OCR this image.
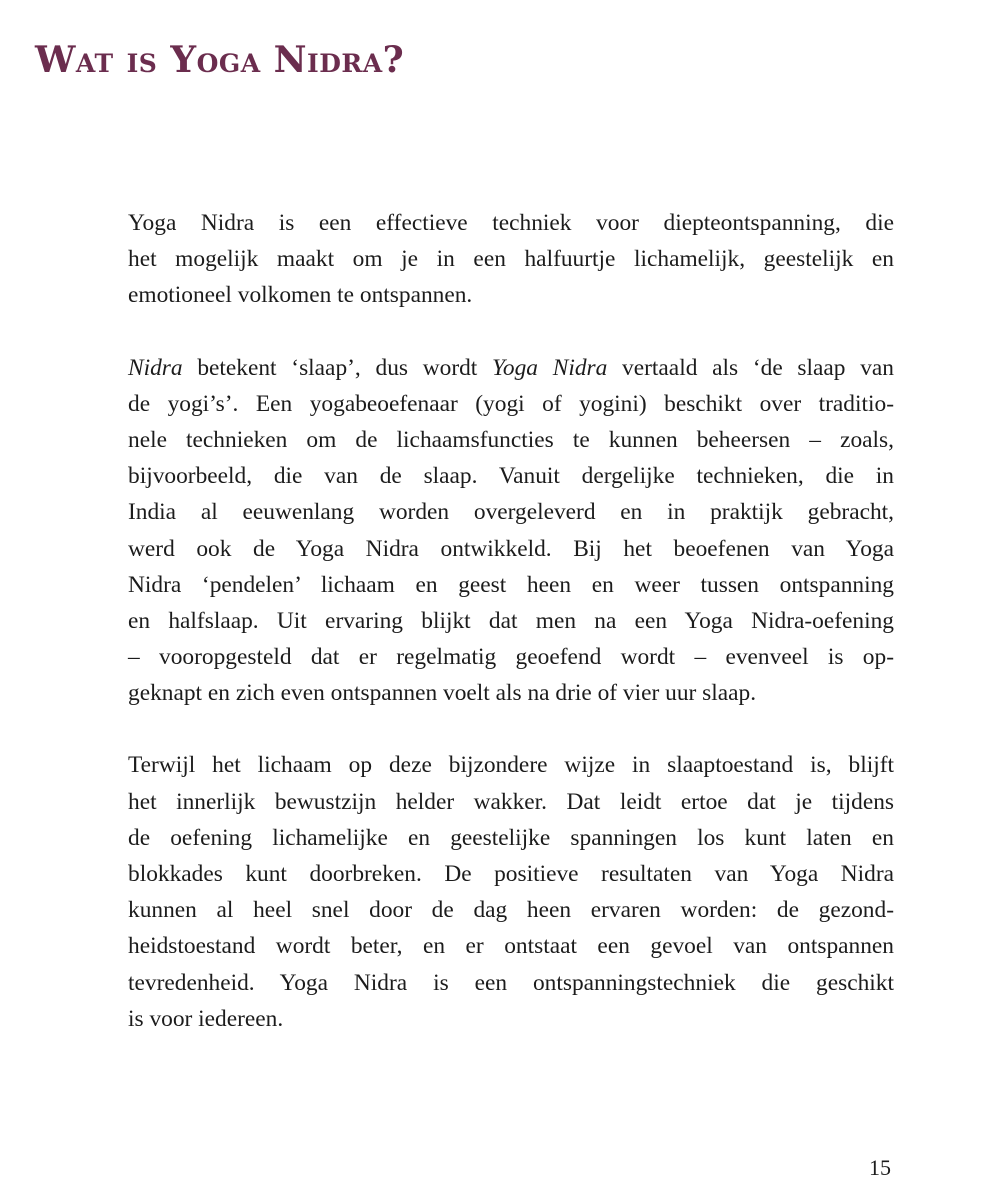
Wat is Yoga Nidra?

Yoga Nidra is een effectieve techniek voor diepteontspanning, die
het mogelijk maakt om je in een halfuurtje lichamelijk, geestelijk en
emotioneel volkomen te ontspannen.

Nidra betekent ‘slaap’, dus wordt Yoga Nidra vertaald als ‘de slaap van
de yogi’s’. Een yogabeoefenaar (yogi of yogini) beschikt over traditio-
nele technieken om de lichaamsfuncties te kunnen beheersen – zoals,
bijvoorbeeld, die van de slaap. Vanuit dergelijke technieken, die in
India al eeuwenlang worden overgeleverd en in praktijk gebracht,
werd ook de Yoga Nidra ontwikkeld. Bij het beoefenen van Yoga
Nidra ‘pendelen’ lichaam en geest heen en weer tussen ontspanning
en halfslaap. Uit ervaring blijkt dat men na een Yoga Nidra-oefening
– vooropgesteld dat er regelmatig geoefend wordt – evenveel is op-
geknapt en zich even ontspannen voelt als na drie of vier uur slaap.

Terwijl het lichaam op deze bijzondere wijze in slaaptoestand is, blijft
het innerlijk bewustzijn helder wakker. Dat leidt ertoe dat je tijdens
de oefening lichamelijke en geestelijke spanningen los kunt laten en
blokkades kunt doorbreken. De positieve resultaten van Yoga Nidra
kunnen al heel snel door de dag heen ervaren worden: de gezond-
heidstoestand wordt beter, en er ontstaat een gevoel van ontspannen
tevredenheid. Yoga Nidra is een ontspanningstechniek die geschikt
is voor iedereen.

15
